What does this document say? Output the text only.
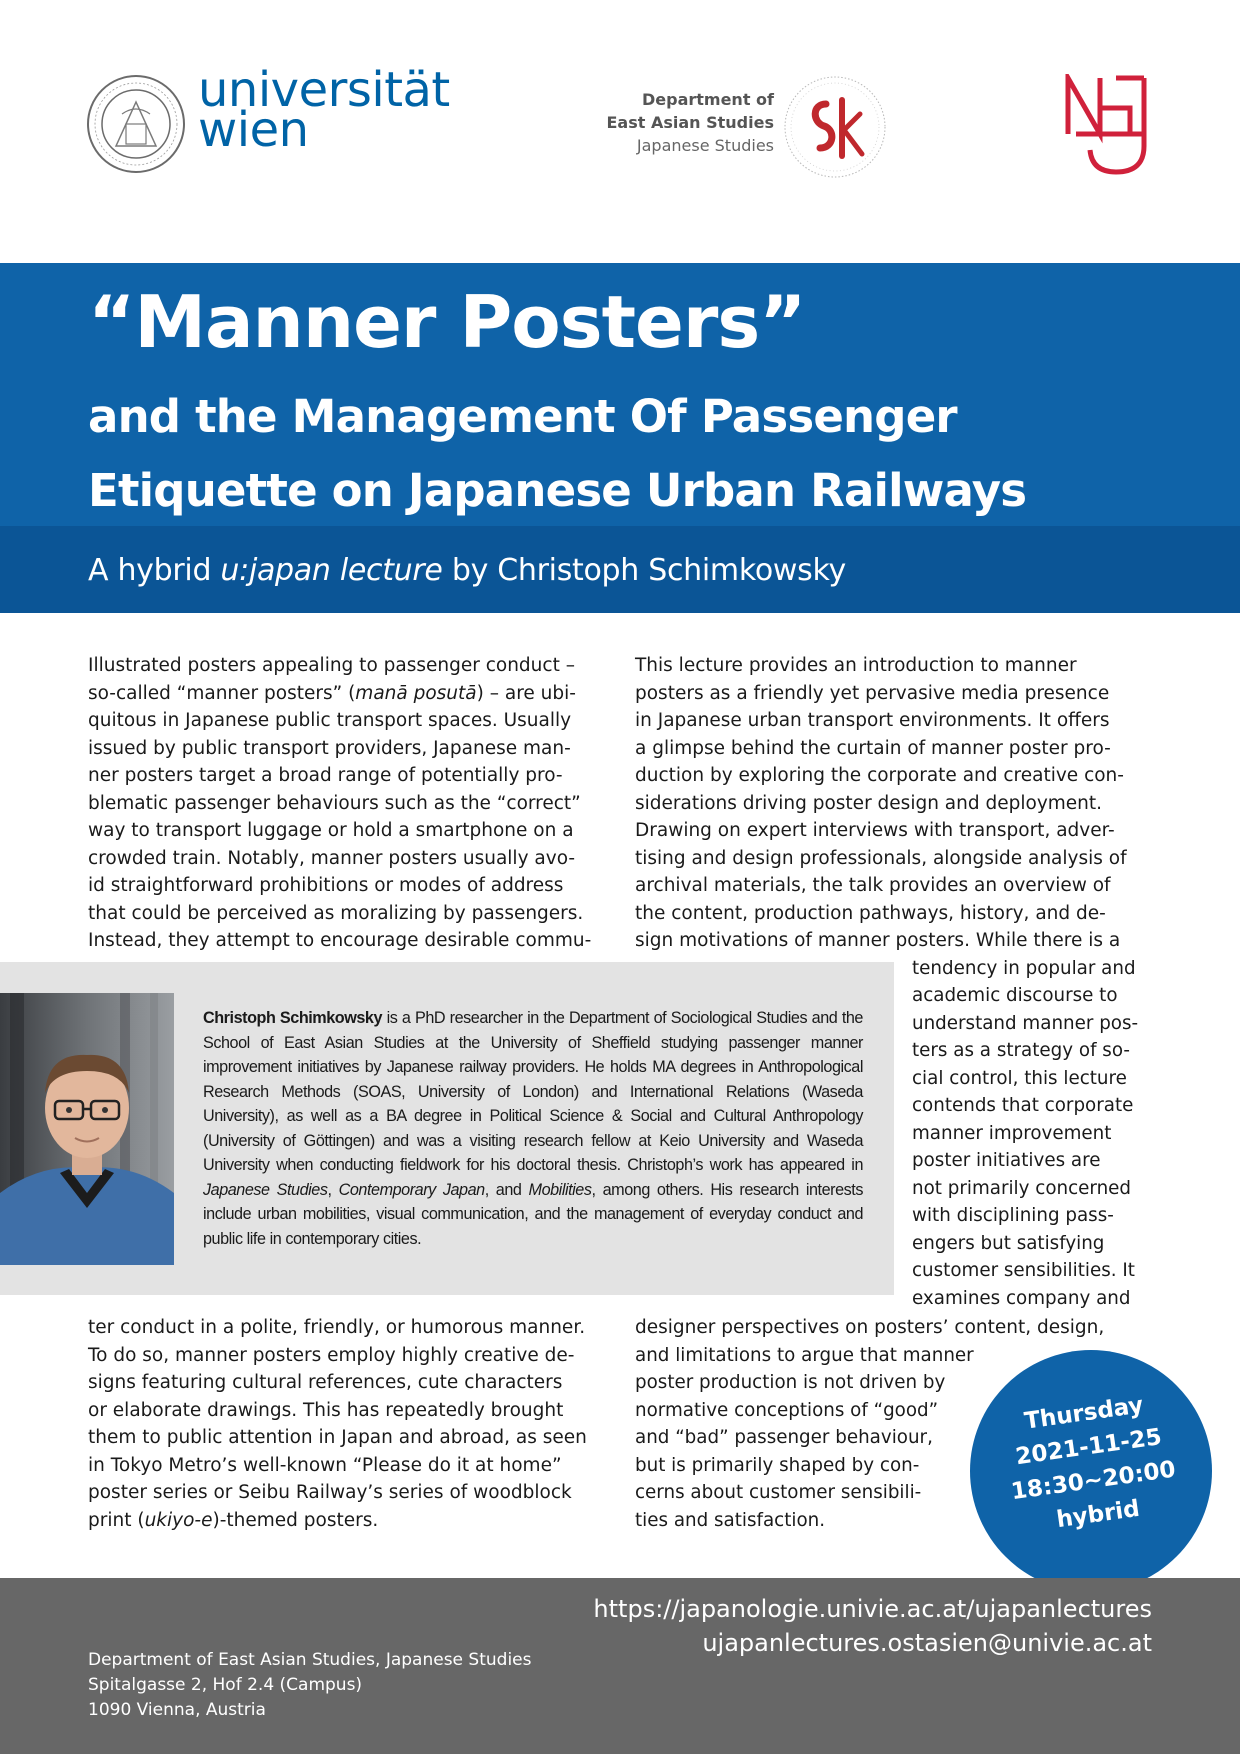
universität
wien
Department of
East Asian Studies
Japanese Studies
“Manner Posters”
and the Management Of Passenger
Etiquette on Japanese Urban Railways
A hybrid u:japan lecture by Christoph Schimkowsky
Illustrated posters appealing to passenger conduct –
so-called “manner posters” (manā posutā) – are ubi-
quitous in Japanese public transport spaces. Usually
issued by public transport providers, Japanese man-
ner posters target a broad range of potentially pro-
blematic passenger behaviours such as the “correct”
way to transport luggage or hold a smartphone on a
crowded train. Notably, manner posters usually avo-
id straightforward prohibitions or modes of address
that could be perceived as moralizing by passengers.
Instead, they attempt to encourage desirable commu-
ter conduct in a polite, friendly, or humorous manner.
To do so, manner posters employ highly creative de-
signs featuring cultural references, cute characters
or elaborate drawings. This has repeatedly brought
them to public attention in Japan and abroad, as seen
in Tokyo Metro’s well-known “Please do it at home”
poster series or Seibu Railway’s series of woodblock
print (ukiyo-e)-themed posters.
This lecture provides an introduction to manner
posters as a friendly yet pervasive media presence
in Japanese urban transport environments. It offers
a glimpse behind the curtain of manner poster pro-
duction by exploring the corporate and creative con-
siderations driving poster design and deployment.
Drawing on expert interviews with transport, adver-
tising and design professionals, alongside analysis of
archival materials, the talk provides an overview of
the content, production pathways, history, and de-
sign motivations of manner posters. While there is a
tendency in popular and
academic discourse to
understand manner pos-
ters as a strategy of so-
cial control, this lecture
contends that corporate
manner improvement
poster initiatives are
not primarily concerned
with disciplining pass-
engers but satisfying
customer sensibilities. It
examines company and
designer perspectives on posters’ content, design,
and limitations to argue that manner
poster production is not driven by
normative conceptions of “good”
and “bad” passenger behaviour,
but is primarily shaped by con-
cerns about customer sensibili-
ties and satisfaction.
Christoph Schimkowsky is a PhD researcher in the Department of Sociological Studies and the School of East Asian Studies at the University of Sheffield studying passenger manner improvement initiatives by Japanese railway providers. He holds MA degrees in Anthropological Research Methods (SOAS, University of London) and International Relations (Waseda University), as well as a BA degree in Political Science & Social and Cultural Anthropology (University of Göttingen) and was a visiting research fellow at Keio University and Waseda University when conducting fieldwork for his doctoral thesis. Christoph’s work has appeared in Japanese Studies, Contemporary Japan, and Mobilities, among others. His research interests include urban mobilities, visual communication, and the management of everyday conduct and public life in contemporary cities.
Thursday
2021-11-25
18:30~20:00
hybrid
https://japanologie.univie.ac.at/ujapanlectures
ujapanlectures.ostasien@univie.ac.at
Department of East Asian Studies, Japanese Studies
Spitalgasse 2, Hof 2.4 (Campus)
1090 Vienna, Austria
